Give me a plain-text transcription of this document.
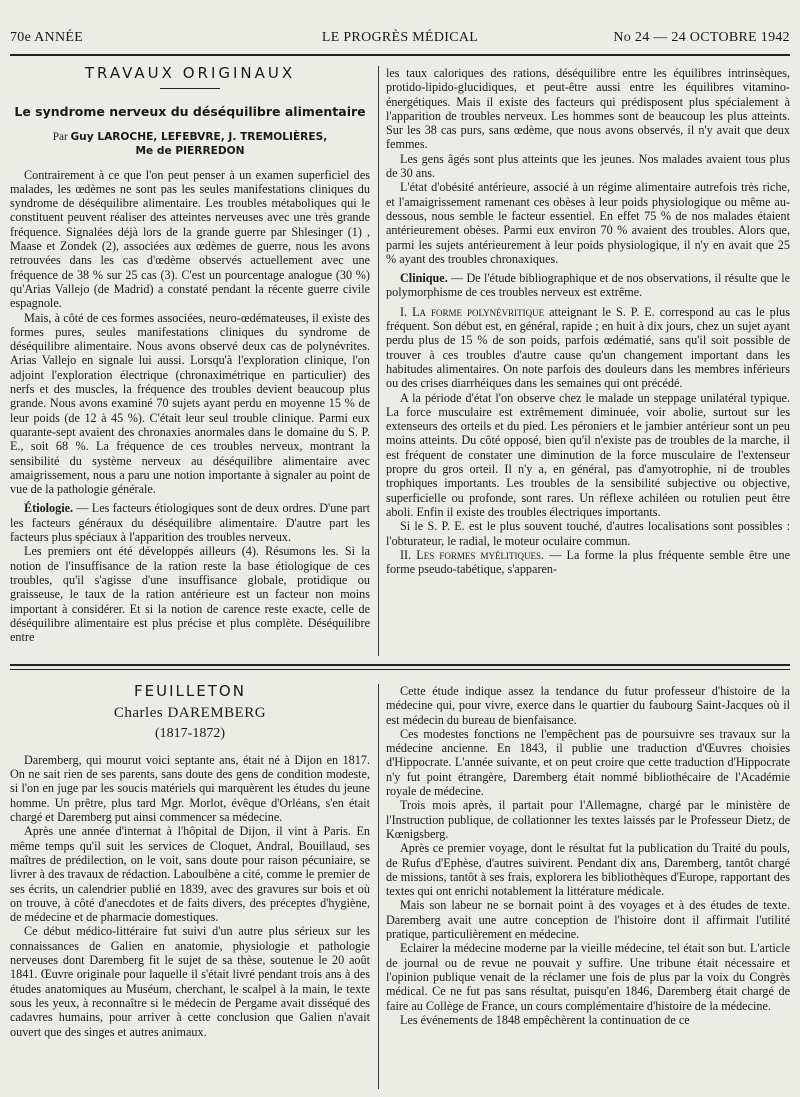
70e ANNÉE	LE PROGRÈS MÉDICAL	No 24 — 24 OCTOBRE 1942
TRAVAUX ORIGINAUX
Le syndrome nerveux du déséquilibre alimentaire
Par Guy LAROCHE, LEFEBVRE, J. TREMOLIÈRES,
Me de PIERREDON

Contrairement à ce que l'on peut penser à un examen superficiel des malades, les œdèmes ne sont pas les seules manifestations cliniques du syndrome de déséquilibre alimentaire. Les troubles métaboliques qui le constituent peuvent réaliser des atteintes nerveuses avec une très grande fréquence. Signalées déjà lors de la grande guerre par Shlesinger (1) , Maase et Zondek (2), associées aux œdèmes de guerre, nous les avons retrouvées dans les cas d'œdème observés actuellement avec une fréquence de 38 % sur 25 cas (3). C'est un pourcentage analogue (30 %) qu'Arias Vallejo (de Madrid) a constaté pendant la récente guerre civile espagnole.

Mais, à côté de ces formes associées, neuro-œdémateuses, il existe des formes pures, seules manifestations cliniques du syndrome de déséquilibre alimentaire. Nous avons observé deux cas de polynévrites. Arias Vallejo en signale lui aussi. Lorsqu'à l'exploration clinique, l'on adjoint l'exploration électrique (chronaximétrique en particulier) des nerfs et des muscles, la fréquence des troubles devient beaucoup plus grande. Nous avons examiné 70 sujets ayant perdu en moyenne 15 % de leur poids (de 12 à 45 %). C'était leur seul trouble clinique. Parmi eux quarante-sept avaient des chronaxies anormales dans le domaine du S. P. E., soit 68 %. La fréquence de ces troubles nerveux, montrant la sensibilité du système nerveux au déséquilibre alimentaire avec amaigrissement, nous a paru une notion importante à signaler au point de vue de la pathologie générale.

Étiologie. — Les facteurs étiologiques sont de deux ordres. D'une part les facteurs généraux du déséquilibre alimentaire. D'autre part les facteurs plus spéciaux à l'apparition des troubles nerveux.

Les premiers ont été développés ailleurs (4). Résumons les. Si la notion de l'insuffisance de la ration reste la base étiologique de ces troubles, qu'il s'agisse d'une insuffisance globale, protidique ou graisseuse, le taux de la ration antérieure est un facteur non moins important à considérer. Et si la notion de carence reste exacte, celle de déséquilibre alimentaire est plus précise et plus complète. Déséquilibre entre

les taux caloriques des rations, déséquilibre entre les équilibres intrinsèques, protido-lipido-glucidiques, et peut-être aussi entre les équilibres vitamino-énergétiques. Mais il existe des facteurs qui prédisposent plus spécialement à l'apparition de troubles nerveux. Les hommes sont de beaucoup les plus atteints. Sur les 38 cas purs, sans œdème, que nous avons observés, il n'y avait que deux femmes.

Les gens âgés sont plus atteints que les jeunes. Nos malades avaient tous plus de 30 ans.

L'état d'obésité antérieure, associé à un régime alimentaire autrefois très riche, et l'amaigrissement ramenant ces obèses à leur poids physiologique ou même au-dessous, nous semble le facteur essentiel. En effet 75 % de nos malades étaient antérieurement obèses. Parmi eux environ 70 % avaient des troubles. Alors que, parmi les sujets antérieurement à leur poids physiologique, il n'y en avait que 25 % ayant des troubles chronaxiques.

Clinique. — De l'étude bibliographique et de nos observations, il résulte que le polymorphisme de ces troubles nerveux est extrême.

I. La forme polynévritique atteignant le S. P. E. correspond au cas le plus fréquent. Son début est, en général, rapide ; en huit à dix jours, chez un sujet ayant perdu plus de 15 % de son poids, parfois œdématié, sans qu'il soit possible de trouver à ces troubles d'autre cause qu'un changement important dans les habitudes alimentaires. On note parfois des douleurs dans les membres inférieurs ou des crises diarrhéiques dans les semaines qui ont précédé.

A la période d'état l'on observe chez le malade un steppage unilatéral typique. La force musculaire est extrêmement diminuée, voir abolie, surtout sur les extenseurs des orteils et du pied. Les péroniers et le jambier antérieur sont un peu moins atteints. Du côté opposé, bien qu'il n'existe pas de troubles de la marche, il est fréquent de constater une diminution de la force musculaire de l'extenseur propre du gros orteil. Il n'y a, en général, pas d'amyotrophie, ni de troubles trophiques importants. Les troubles de la sensibilité subjective ou objective, superficielle ou profonde, sont rares. Un réflexe achiléen ou rotulien peut être aboli. Enfin il existe des troubles électriques importants.

Si le S. P. E. est le plus souvent touché, d'autres localisations sont possibles : l'obturateur, le radial, le moteur oculaire commun.

II. Les formes myélitiques. — La forme la plus fréquente semble être une forme pseudo-tabétique, s'apparen-

FEUILLETON
Charles DAREMBERG
(1817-1872)

Daremberg, qui mourut voici septante ans, était né à Dijon en 1817. On ne sait rien de ses parents, sans doute des gens de condition modeste, si l'on en juge par les soucis matériels qui marquèrent les études du jeune homme. Un prêtre, plus tard Mgr. Morlot, évêque d'Orléans, s'en était chargé et Daremberg put ainsi commencer sa médecine.

Après une année d'internat à l'hôpital de Dijon, il vint à Paris. En même temps qu'il suit les services de Cloquet, Andral, Bouillaud, ses maîtres de prédilection, on le voit, sans doute pour raison pécuniaire, se livrer à des travaux de rédaction. Laboulbène a cité, comme le premier de ses écrits, un calendrier publié en 1839, avec des gravures sur bois et où on trouve, à côté d'anecdotes et de faits divers, des préceptes d'hygiène, de médecine et de pharmacie domestiques.

Ce début médico-littéraire fut suivi d'un autre plus sérieux sur les connaissances de Galien en anatomie, physiologie et pathologie nerveuses dont Daremberg fit le sujet de sa thèse, soutenue le 20 août 1841. Œuvre originale pour laquelle il s'était livré pendant trois ans à des études anatomiques au Muséum, cherchant, le scalpel à la main, le texte sous les yeux, à reconnaître si le médecin de Pergame avait disséqué des cadavres humains, pour arriver à cette conclusion que Galien n'avait ouvert que des singes et autres animaux.

Cette étude indique assez la tendance du futur professeur d'histoire de la médecine qui, pour vivre, exerce dans le quartier du faubourg Saint-Jacques où il est médecin du bureau de bienfaisance.

Ces modestes fonctions ne l'empêchent pas de poursuivre ses travaux sur la médecine ancienne. En 1843, il publie une traduction d'Œuvres choisies d'Hippocrate. L'année suivante, et on peut croire que cette traduction d'Hippocrate n'y fut point étrangère, Daremberg était nommé bibliothécaire de l'Académie royale de médecine.

Trois mois après, il partait pour l'Allemagne, chargé par le ministère de l'Instruction publique, de collationner les textes laissés par le Professeur Dietz, de Kœnigsberg.

Après ce premier voyage, dont le résultat fut la publication du Traité du pouls, de Rufus d'Ephèse, d'autres suivirent. Pendant dix ans, Daremberg, tantôt chargé de missions, tantôt à ses frais, explorera les bibliothèques d'Europe, rapportant des textes qui ont enrichi notablement la littérature médicale.

Mais son labeur ne se bornait point à des voyages et à des études de texte. Daremberg avait une autre conception de l'histoire dont il affirmait l'utilité pratique, particulièrement en médecine.

Eclairer la médecine moderne par la vieille médecine, tel était son but. L'article de journal ou de revue ne pouvait y suffire. Une tribune était nécessaire et l'opinion publique venait de la réclamer une fois de plus par la voix du Congrès médical. Ce ne fut pas sans résultat, puisqu'en 1846, Daremberg était chargé de faire au Collège de France, un cours complémentaire d'histoire de la médecine.

Les événements de 1848 empêchèrent la continuation de ce
